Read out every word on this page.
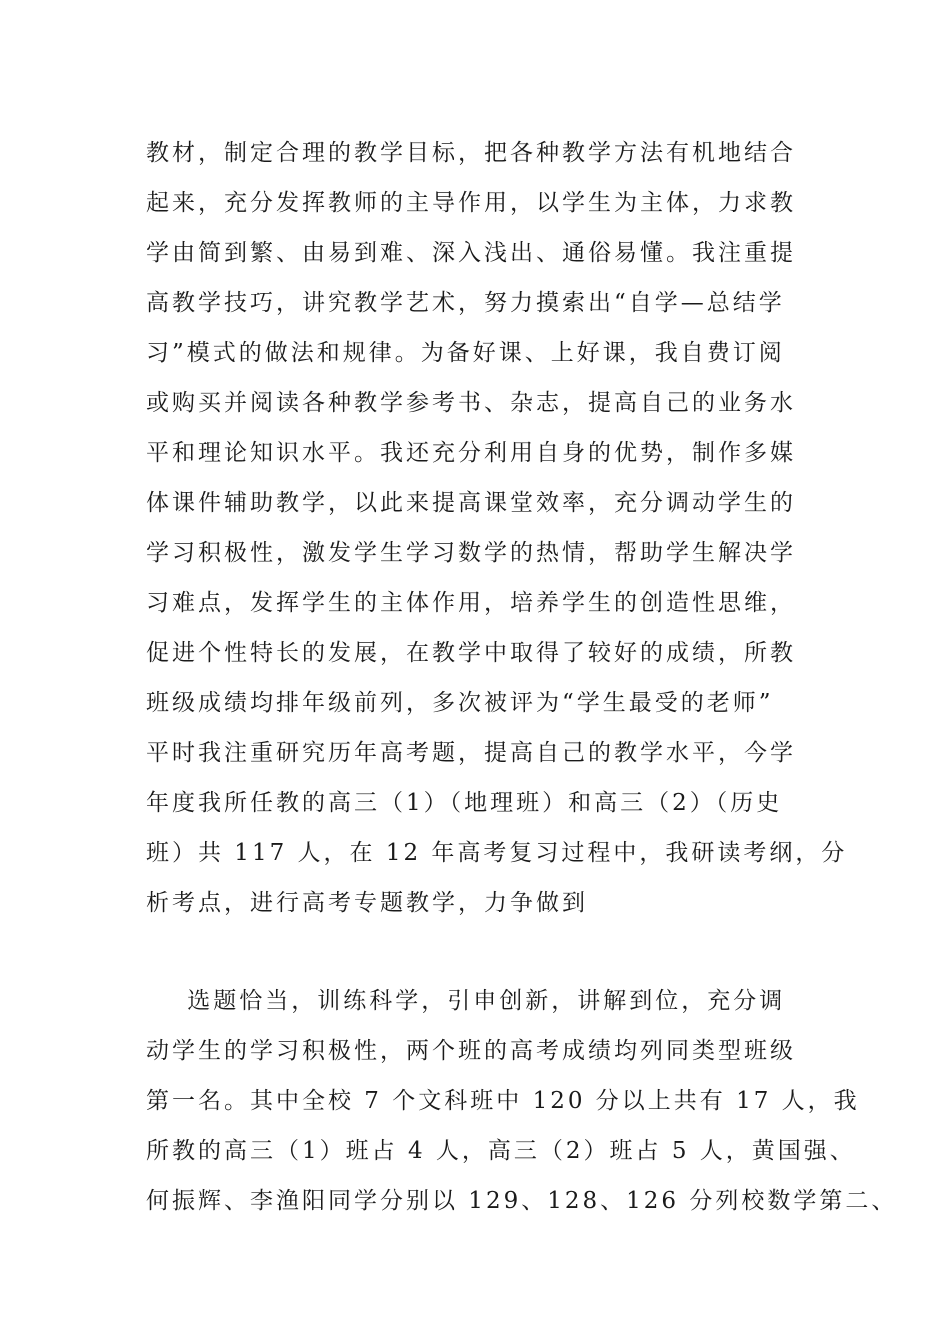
教材，制定合理的教学目标，把各种教学方法有机地结合
起来，充分发挥教师的主导作用，以学生为主体，力求教
学由简到繁、由易到难、深入浅出、通俗易懂。我注重提
高教学技巧，讲究教学艺术，努力摸索出“自学—总结学
习”模式的做法和规律。为备好课、上好课，我自费订阅
或购买并阅读各种教学参考书、杂志，提高自己的业务水
平和理论知识水平。我还充分利用自身的优势，制作多媒
体课件辅助教学，以此来提高课堂效率，充分调动学生的
学习积极性，激发学生学习数学的热情，帮助学生解决学
习难点，发挥学生的主体作用，培养学生的创造性思维，
促进个性特长的发展，在教学中取得了较好的成绩，所教
班级成绩均排年级前列，多次被评为“学生最受的老师”
平时我注重研究历年高考题，提高自己的教学水平，今学
年度我所任教的高三（1）（地理班）和高三（2）（历史
班）共 117 人，在 12 年高考复习过程中，我研读考纲，分
析考点，进行高考专题教学，力争做到
选题恰当，训练科学，引申创新，讲解到位，充分调
动学生的学习积极性，两个班的高考成绩均列同类型班级
第一名。其中全校 7 个文科班中 120 分以上共有 17 人，我
所教的高三（1）班占 4 人，高三（2）班占 5 人，黄国强、
何振辉、李渔阳同学分别以 129、128、126 分列校数学第二、
